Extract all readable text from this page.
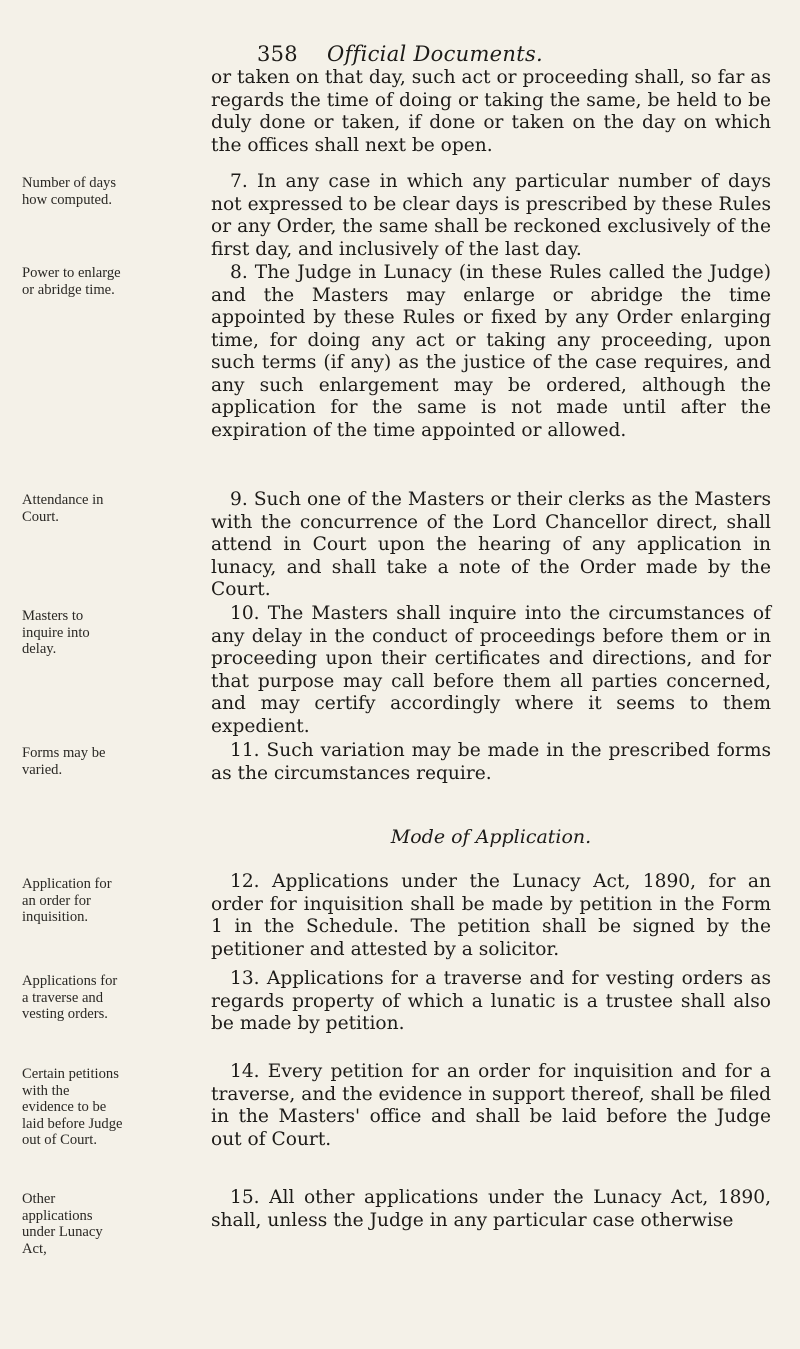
358 Official Documents.

or taken on that day, such act or proceeding shall, so far as regards the time of doing or taking the same, be held to be duly done or taken, if done or taken on the day on which the offices shall next be open.

Number of days how computed.

7. In any case in which any particular number of days not expressed to be clear days is prescribed by these Rules or any Order, the same shall be reckoned exclusively of the first day, and inclusively of the last day.

Power to enlarge or abridge time.

8. The Judge in Lunacy (in these Rules called the Judge) and the Masters may enlarge or abridge the time appointed by these Rules or fixed by any Order enlarging time, for doing any act or taking any proceeding, upon such terms (if any) as the justice of the case requires, and any such enlargement may be ordered, although the application for the same is not made until after the expiration of the time appointed or allowed.

Attendance in Court.

9. Such one of the Masters or their clerks as the Masters with the concurrence of the Lord Chancellor direct, shall attend in Court upon the hearing of any application in lunacy, and shall take a note of the Order made by the Court.

Masters to inquire into delay.

10. The Masters shall inquire into the circumstances of any delay in the conduct of proceedings before them or in proceeding upon their certificates and directions, and for that purpose may call before them all parties concerned, and may certify accordingly where it seems to them expedient.

Forms may be varied.

11. Such variation may be made in the prescribed forms as the circumstances require.

Mode of Application.
Application for an order for inquisition.

12. Applications under the Lunacy Act, 1890, for an order for inquisition shall be made by petition in the Form 1 in the Schedule. The petition shall be signed by the petitioner and attested by a solicitor.

Applications for a traverse and vesting orders.

13. Applications for a traverse and for vesting orders as regards property of which a lunatic is a trustee shall also be made by petition.

Certain petitions with the evidence to be laid before Judge out of Court.

14. Every petition for an order for inquisition and for a traverse, and the evidence in support thereof, shall be filed in the Masters' office and shall be laid before the Judge out of Court.

Other applications under Lunacy Act,

15. All other applications under the Lunacy Act, 1890, shall, unless the Judge in any particular case otherwise
